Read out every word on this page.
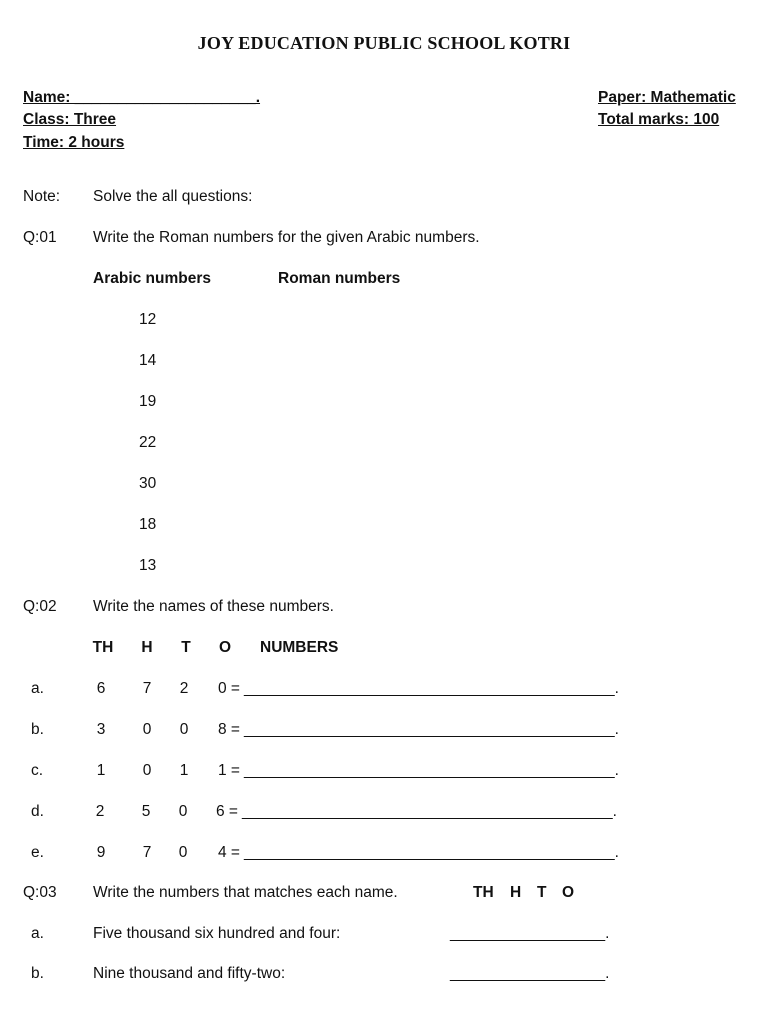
JOY EDUCATION PUBLIC SCHOOL KOTRI
Name: _____________________.
Class: Three
Time: 2 hours
Paper: Mathematic
Total marks: 100
Note: Solve the all questions:
Q:01 Write the Roman numbers for the given Arabic numbers.
Arabic numbers	Roman numbers
12
14
19
22
30
18
13
Q:02 Write the names of these numbers.
TH	H	T	O NUMBERS
a.	6	7	2	0 = ___________________________________________.
b.	3	0	0	8 = ___________________________________________.
c.	1	0	1	1 = ___________________________________________.
d.	2	5	0	6 = ___________________________________________.
e.	9	7	0	4 = ___________________________________________.
Q:03 Write the numbers that matches each name.	TH H T O
a.	Five thousand six hundred and four:	__________________.
b.	Nine thousand and fifty-two:	__________________.
